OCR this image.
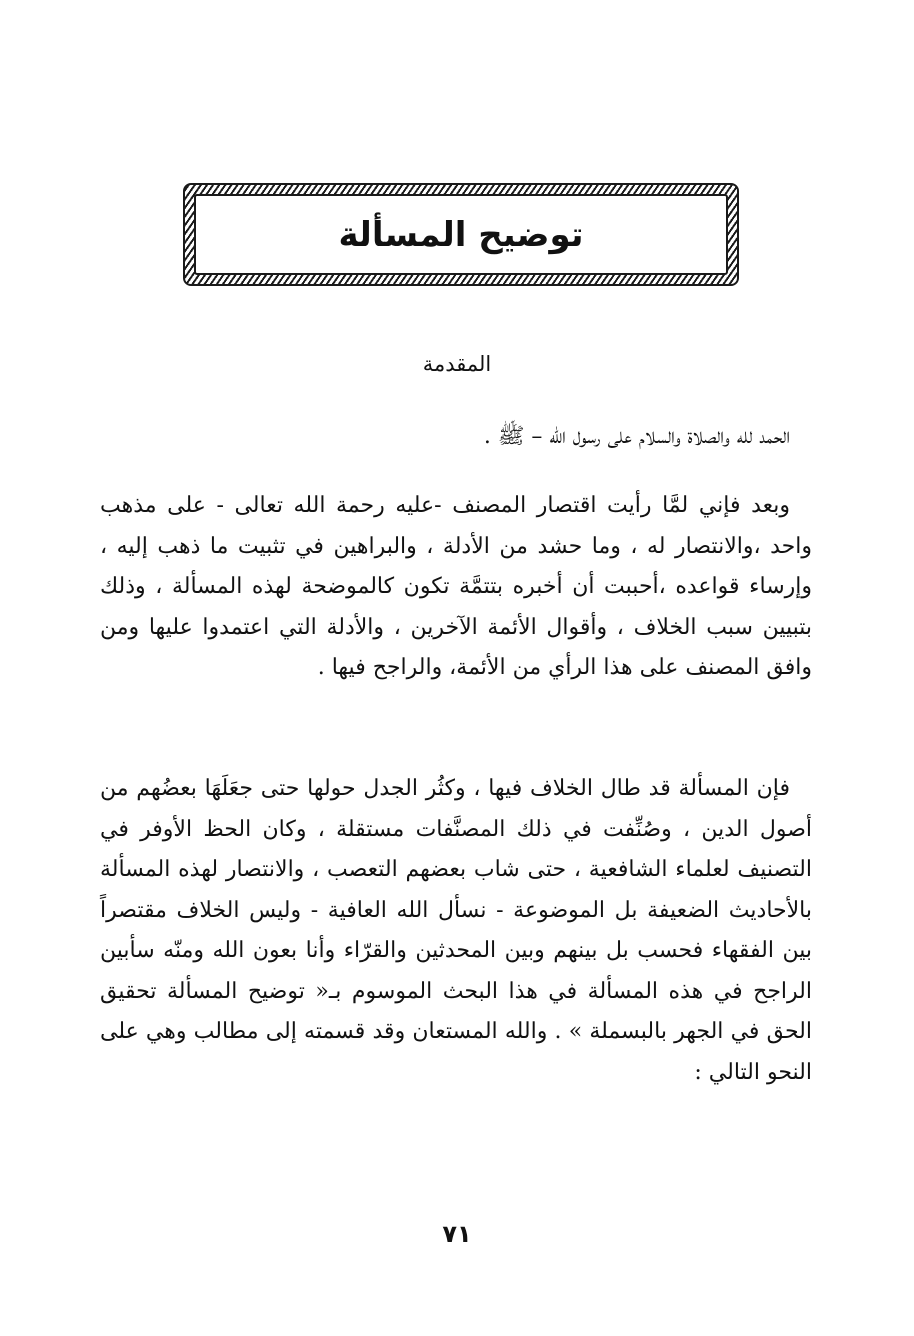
توضيح المسألة
المقدمة
الحمد لله والصلاة والسلام على رسول الله – ﷺ .
وبعد فإني لمَّا رأيت اقتصار المصنف -عليه رحمة الله تعالى - على مذهب واحد ،والانتصار له ، وما حشد من الأدلة ، والبراهين في تثبيت ما ذهب إليه ، وإرساء قواعده ،أحببت أن أخبره بتتمَّة تكون كالموضحة لهذه المسألة ، وذلك بتبيين سبب الخلاف ، وأقوال الأئمة الآخرين ، والأدلة التي اعتمدوا عليها ومن وافق المصنف على هذا الرأي من الأئمة، والراجح فيها .
فإن المسألة قد طال الخلاف فيها ، وكثُر الجدل حولها حتى جعَلَهَا بعضُهم من أصول الدين ، وصُنِّفت في ذلك المصنَّفات مستقلة ، وكان الحظ الأوفر في التصنيف لعلماء الشافعية ، حتى شاب بعضهم التعصب ، والانتصار لهذه المسألة بالأحاديث الضعيفة بل الموضوعة - نسأل الله العافية - وليس الخلاف مقتصراً بين الفقهاء فحسب بل بينهم وبين المحدثين والقرّاء وأنا بعون الله ومنّه سأبين الراجح في هذه المسألة في هذا البحث الموسوم بـ« توضيح المسألة تحقيق الحق في الجهر بالبسملة » . والله المستعان وقد قسمته إلى مطالب وهي على النحو التالي :
٧١
